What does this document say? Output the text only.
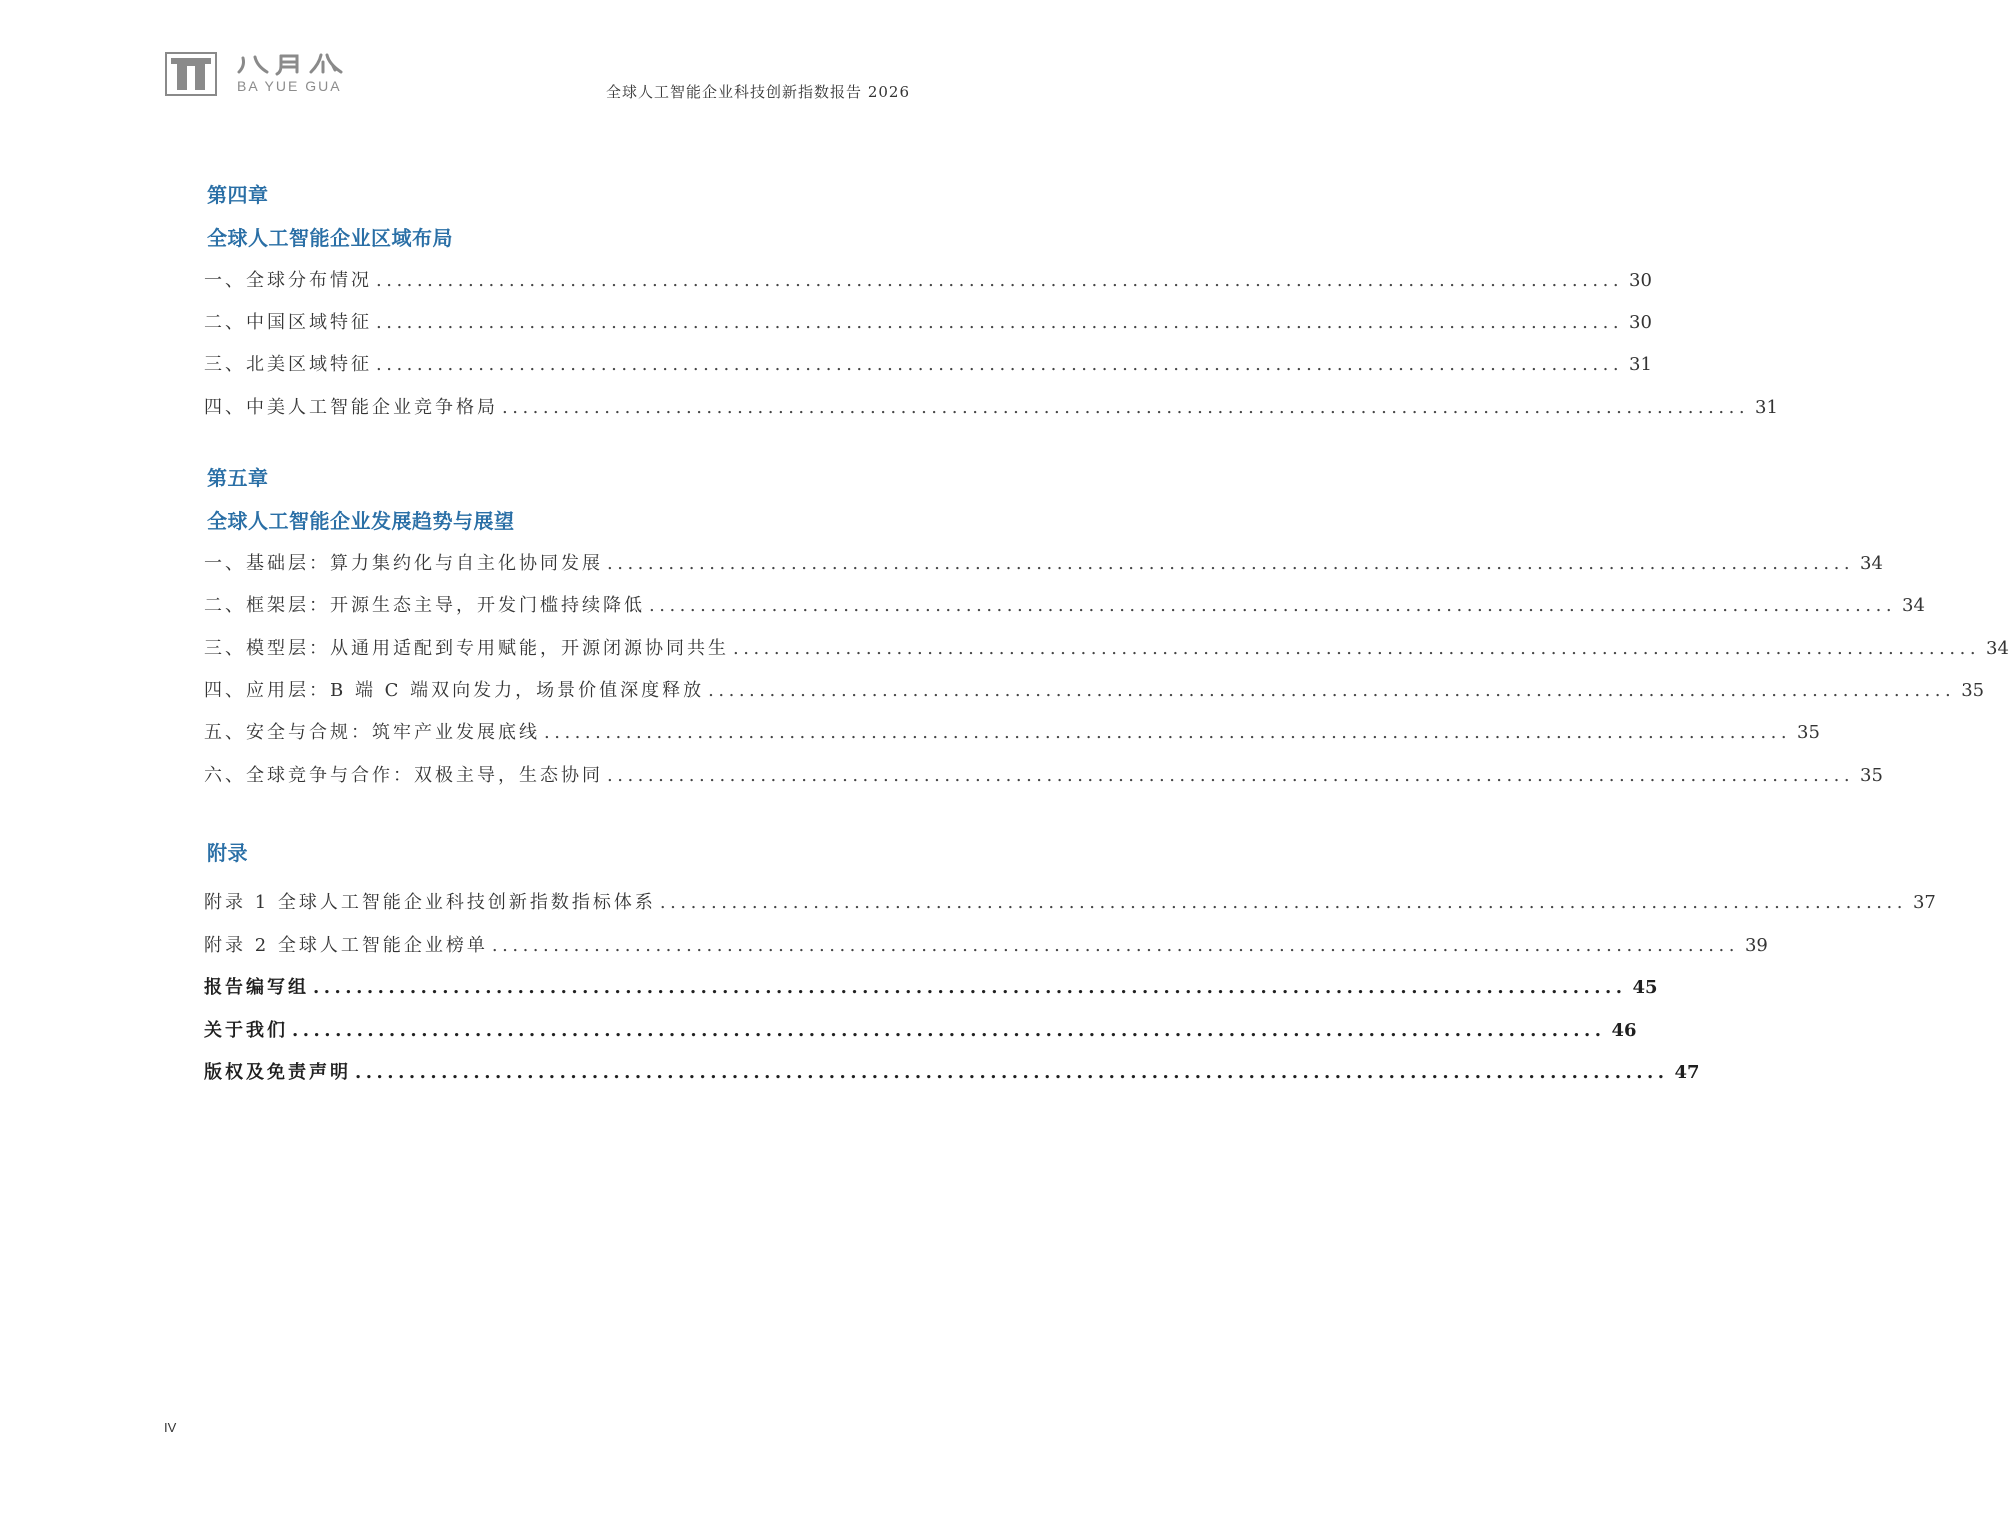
BA YUE GUA	全球人工智能企业科技创新指数报告 2026
第四章
全球人工智能企业区域布局
一、全球分布情况 .......................................................................................................................... 30
二、中国区域特征 .......................................................................................................................... 30
三、北美区域特征 .......................................................................................................................... 31
四、中美人工智能企业竞争格局 .......................................................................................................................... 31
第五章
全球人工智能企业发展趋势与展望
一、基础层：算力集约化与自主化协同发展 .......................................................................................................................... 34
二、框架层：开源生态主导，开发门槛持续降低 .......................................................................................................................... 34
三、模型层：从通用适配到专用赋能，开源闭源协同共生 .......................................................................................................................... 34
四、应用层：B 端 C 端双向发力，场景价值深度释放 .......................................................................................................................... 35
五、安全与合规：筑牢产业发展底线 .......................................................................................................................... 35
六、全球竞争与合作：双极主导，生态协同 .......................................................................................................................... 35
附录
附录 1 全球人工智能企业科技创新指数指标体系 .......................................................................................................................... 37
附录 2 全球人工智能企业榜单 .......................................................................................................................... 39
报告编写组 .......................................................................................................................... 45
关于我们 .......................................................................................................................... 46
版权及免责声明 .......................................................................................................................... 47
IV
